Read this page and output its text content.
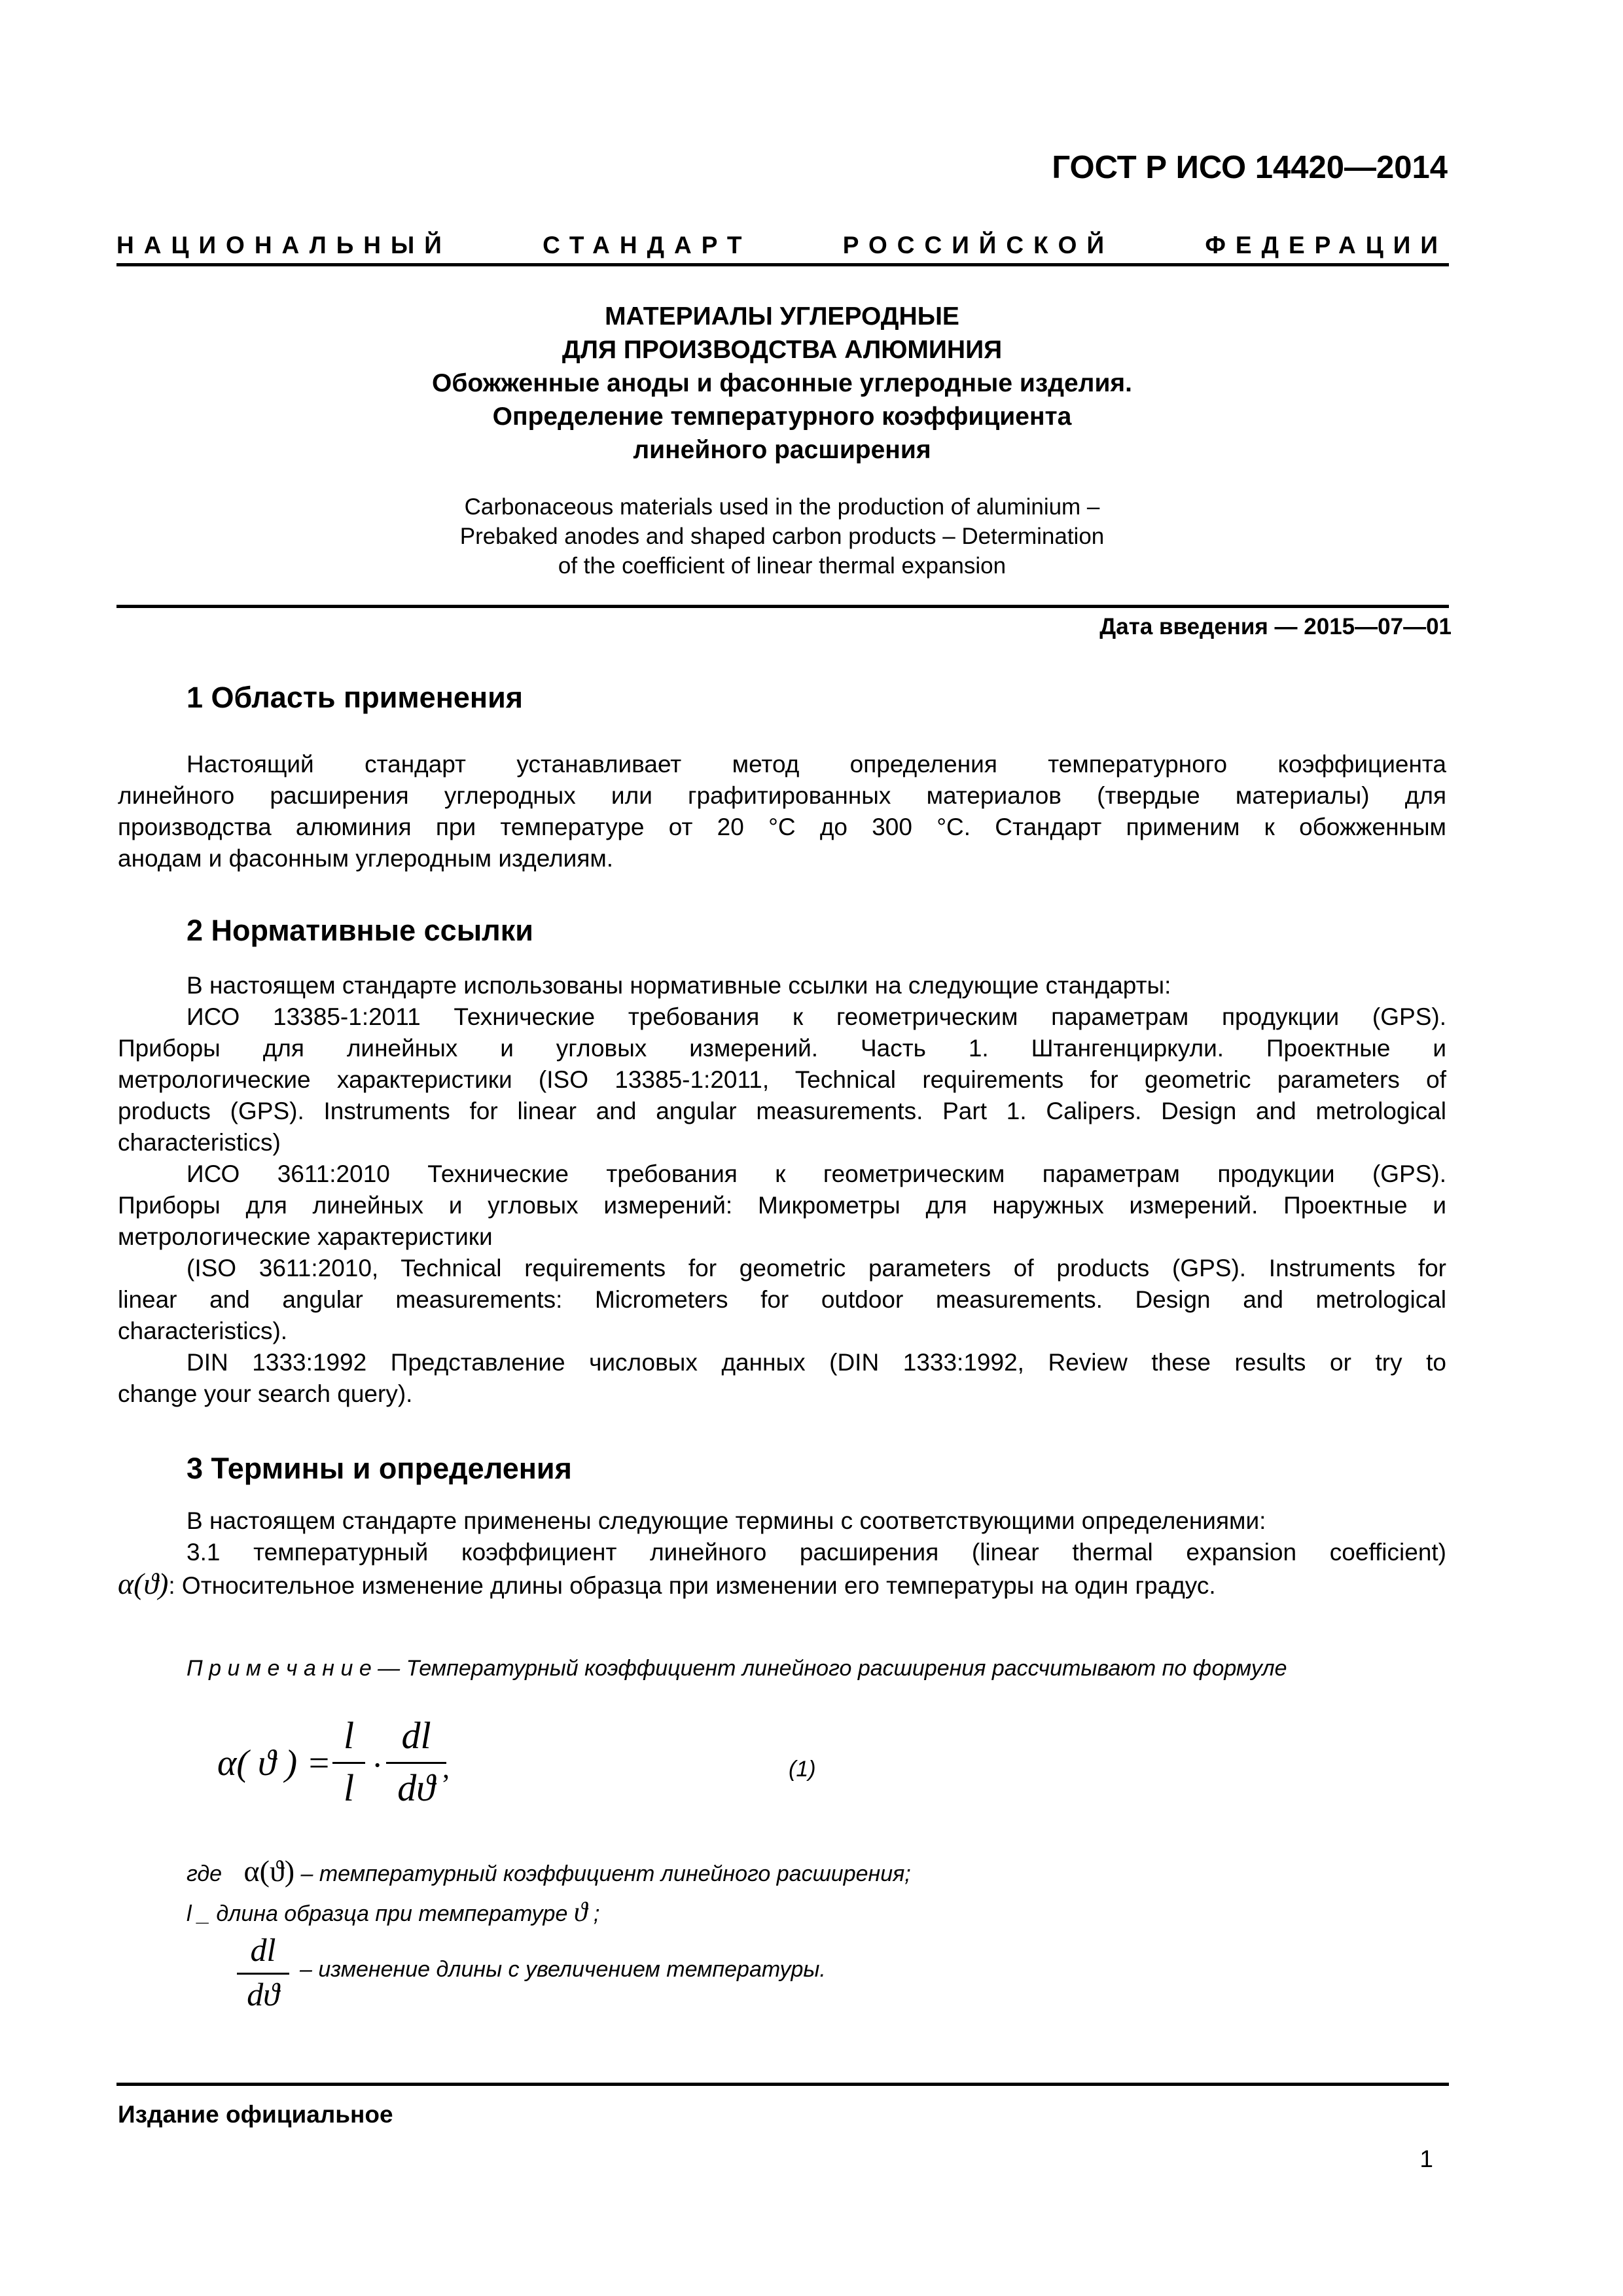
ГОСТ Р ИСО 14420—2014
НАЦИОНАЛЬНЫЙ СТАНДАРТ РОССИЙСКОЙ ФЕДЕРАЦИИ
МАТЕРИАЛЫ УГЛЕРОДНЫЕ
ДЛЯ ПРОИЗВОДСТВА АЛЮМИНИЯ
Обожженные аноды и фасонные углеродные изделия.
Определение температурного коэффициента
линейного расширения
Carbonaceous materials used in the production of aluminium –
Prebaked anodes and shaped carbon products – Determination
of the coefficient of linear thermal expansion
Дата введения — 2015—07—01
1 Область применения

Настоящий стандарт устанавливает метод определения температурного коэффициента

линейного расширения углеродных или графитированных материалов (твердые материалы) для

производства алюминия при температуре от 20 °С до 300 °С. Стандарт применим к обожженным

анодам и фасонным углеродным изделиям.

2 Нормативные ссылки

В настоящем стандарте использованы нормативные ссылки на следующие стандарты:

ИСО 13385-1:2011 Технические требования к геометрическим параметрам продукции (GPS).

Приборы для линейных и угловых измерений. Часть 1. Штангенциркули. Проектные и

метрологические характеристики (ISO 13385-1:2011, Technical requirements for geometric parameters of

products (GPS). Instruments for linear and angular measurements. Part 1. Calipers. Design and metrological

characteristics)

ИСО 3611:2010 Технические требования к геометрическим параметрам продукции (GPS).

Приборы для линейных и угловых измерений: Микрометры для наружных измерений. Проектные и

метрологические характеристики

(ISO 3611:2010, Technical requirements for geometric parameters of products (GPS). Instruments for

linear and angular measurements: Micrometers for outdoor measurements. Design and metrological

characteristics).

DIN 1333:1992 Представление числовых данных (DIN 1333:1992, Review these results or try to

change your search query).

3 Термины и определения

В настоящем стандарте применены следующие термины с соответствующими определениями:

3.1 температурный коэффициент линейного расширения (linear thermal expansion coefficient)

α(ϑ): Относительное изменение длины образца при изменении его температуры на один градус.

П р и м е ч а н и е — Температурный коэффициент линейного расширения рассчитывают по формуле
α( ϑ ) =
l
l
·
dl
dϑ ,	(1)
где α(ϑ) – температурный коэффициент линейного расширения;
l _ длина образца при температуре ϑ ;
dl
dϑ
– изменение длины с увеличением температуры.
Издание официальное
1
